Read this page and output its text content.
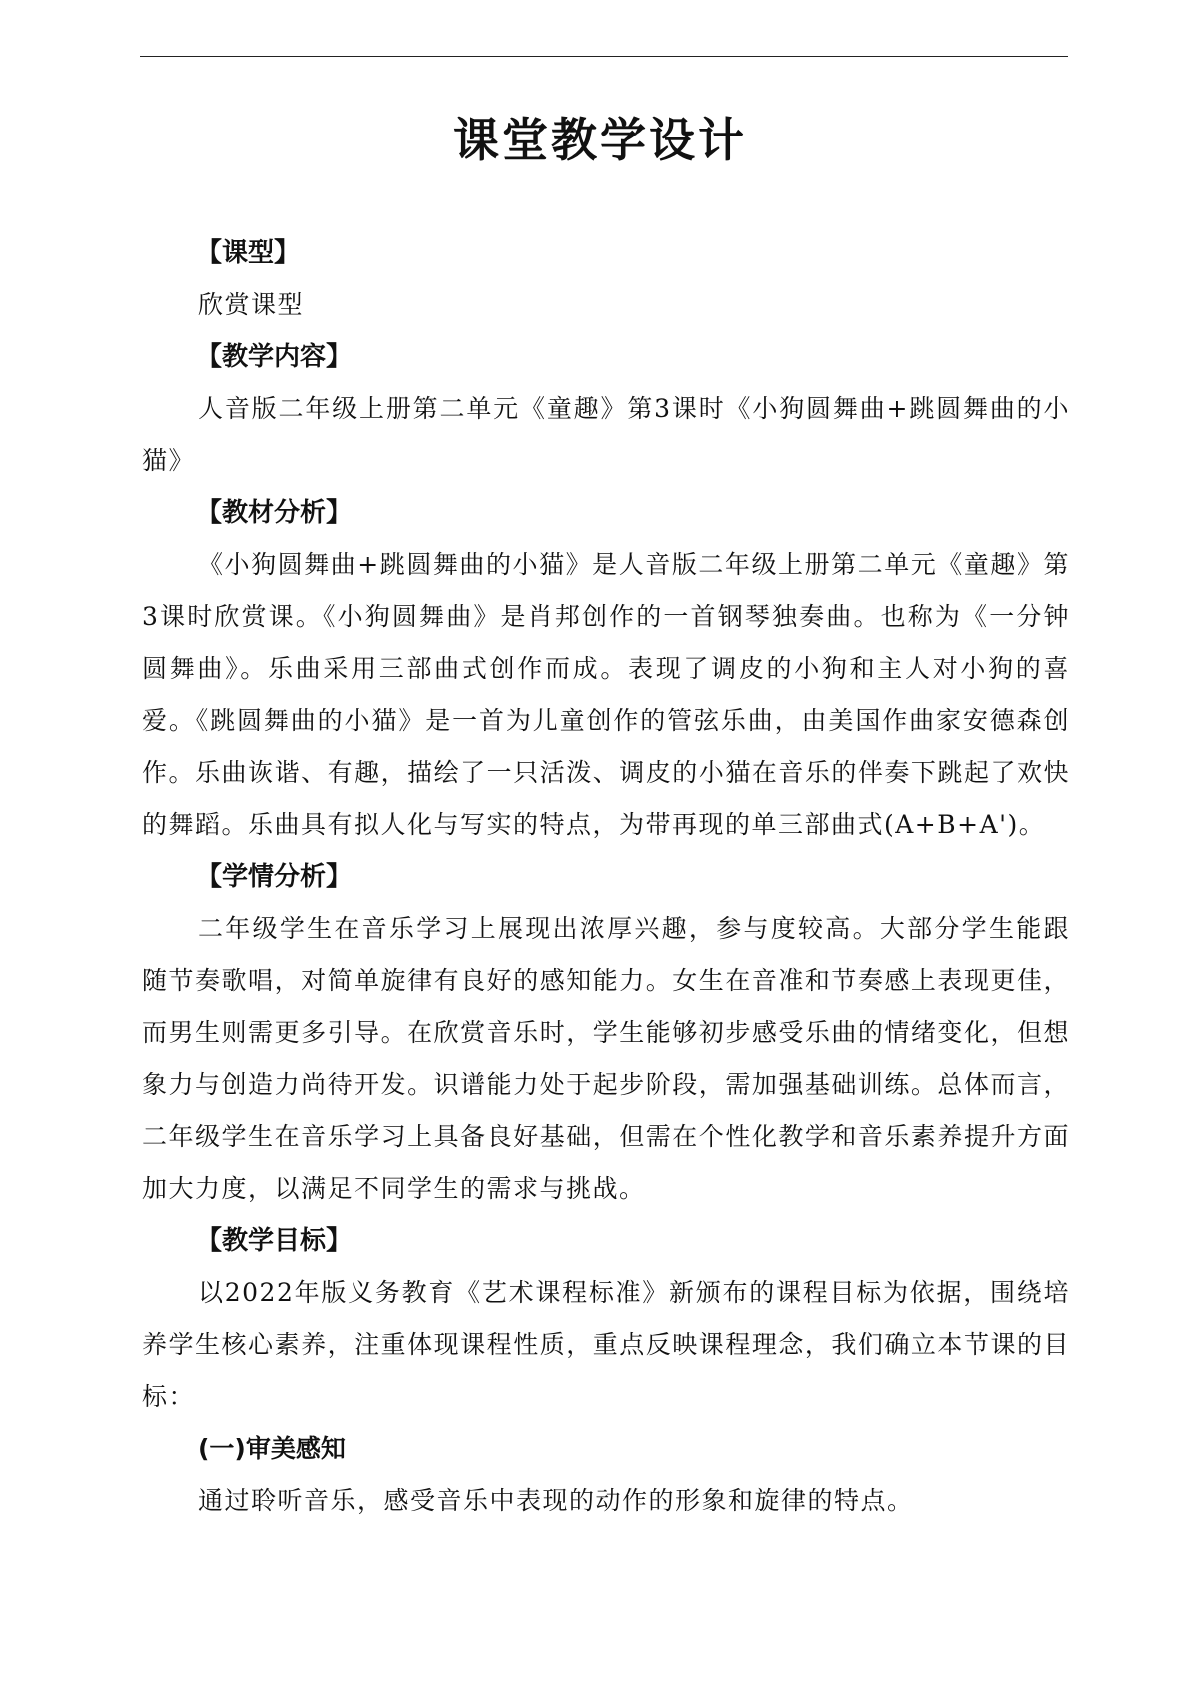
课堂教学设计
【课型】

欣赏课型

【教学内容】

人音版二年级上册第二单元《童趣》第3课时《小狗圆舞曲+跳圆舞曲的小猫》

【教材分析】

《小狗圆舞曲+跳圆舞曲的小猫》是人音版二年级上册第二单元《童趣》第3课时欣赏课。《小狗圆舞曲》是肖邦创作的一首钢琴独奏曲。也称为《一分钟圆舞曲》。乐曲采用三部曲式创作而成。表现了调皮的小狗和主人对小狗的喜爱。《跳圆舞曲的小猫》是一首为儿童创作的管弦乐曲，由美国作曲家安德森创作。乐曲诙谐、有趣，描绘了一只活泼、调皮的小猫在音乐的伴奏下跳起了欢快的舞蹈。乐曲具有拟人化与写实的特点，为带再现的单三部曲式(A+B+A')。

【学情分析】

二年级学生在音乐学习上展现出浓厚兴趣，参与度较高。大部分学生能跟随节奏歌唱，对简单旋律有良好的感知能力。女生在音准和节奏感上表现更佳，而男生则需更多引导。在欣赏音乐时，学生能够初步感受乐曲的情绪变化，但想象力与创造力尚待开发。识谱能力处于起步阶段，需加强基础训练。总体而言，二年级学生在音乐学习上具备良好基础，但需在个性化教学和音乐素养提升方面加大力度，以满足不同学生的需求与挑战。

【教学目标】

以2022年版义务教育《艺术课程标准》新颁布的课程目标为依据，围绕培养学生核心素养，注重体现课程性质，重点反映课程理念，我们确立本节课的目标：

(一)审美感知

通过聆听音乐，感受音乐中表现的动作的形象和旋律的特点。
